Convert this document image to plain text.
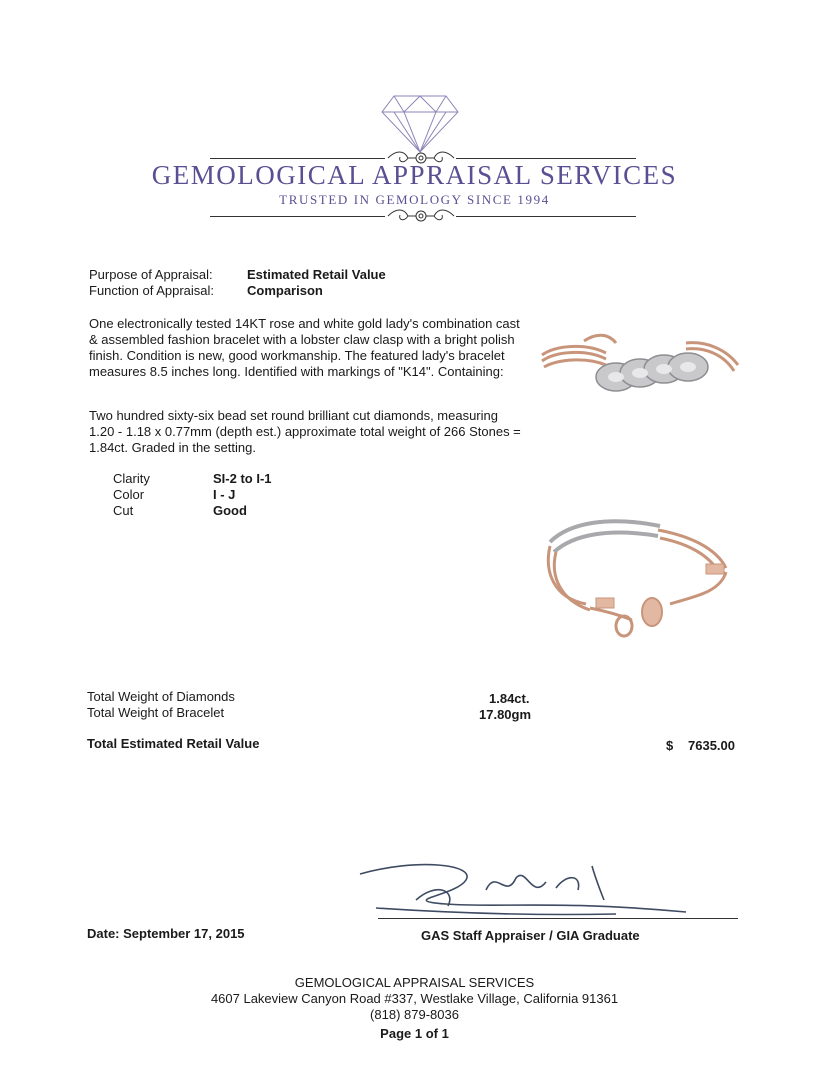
GEMOLOGICAL APPRAISAL SERVICES
TRUSTED IN GEMOLOGY SINCE 1994
Purpose of Appraisal:	Estimated Retail Value
Function of Appraisal:	Comparison
One electronically tested 14KT rose and white gold lady's combination cast & assembled fashion bracelet with a lobster claw clasp with a bright polish finish. Condition is new, good workmanship. The featured lady's bracelet measures 8.5 inches long. Identified with markings of "K14". Containing:
Two hundred sixty-six bead set round brilliant cut diamonds, measuring 1.20 - 1.18 x 0.77mm (depth est.) approximate total weight of 266 Stones = 1.84ct. Graded in the setting.
Clarity	SI-2 to I-1
Color	I - J
Cut	Good
Total Weight of Diamonds	1.84ct.
Total Weight of Bracelet	17.80gm
Total Estimated Retail Value	$ 7635.00
Date: September 17, 2015	GAS Staff Appraiser / GIA Graduate
GEMOLOGICAL APPRAISAL SERVICES
4607 Lakeview Canyon Road #337, Westlake Village, California 91361
(818) 879-8036
Page 1 of 1
